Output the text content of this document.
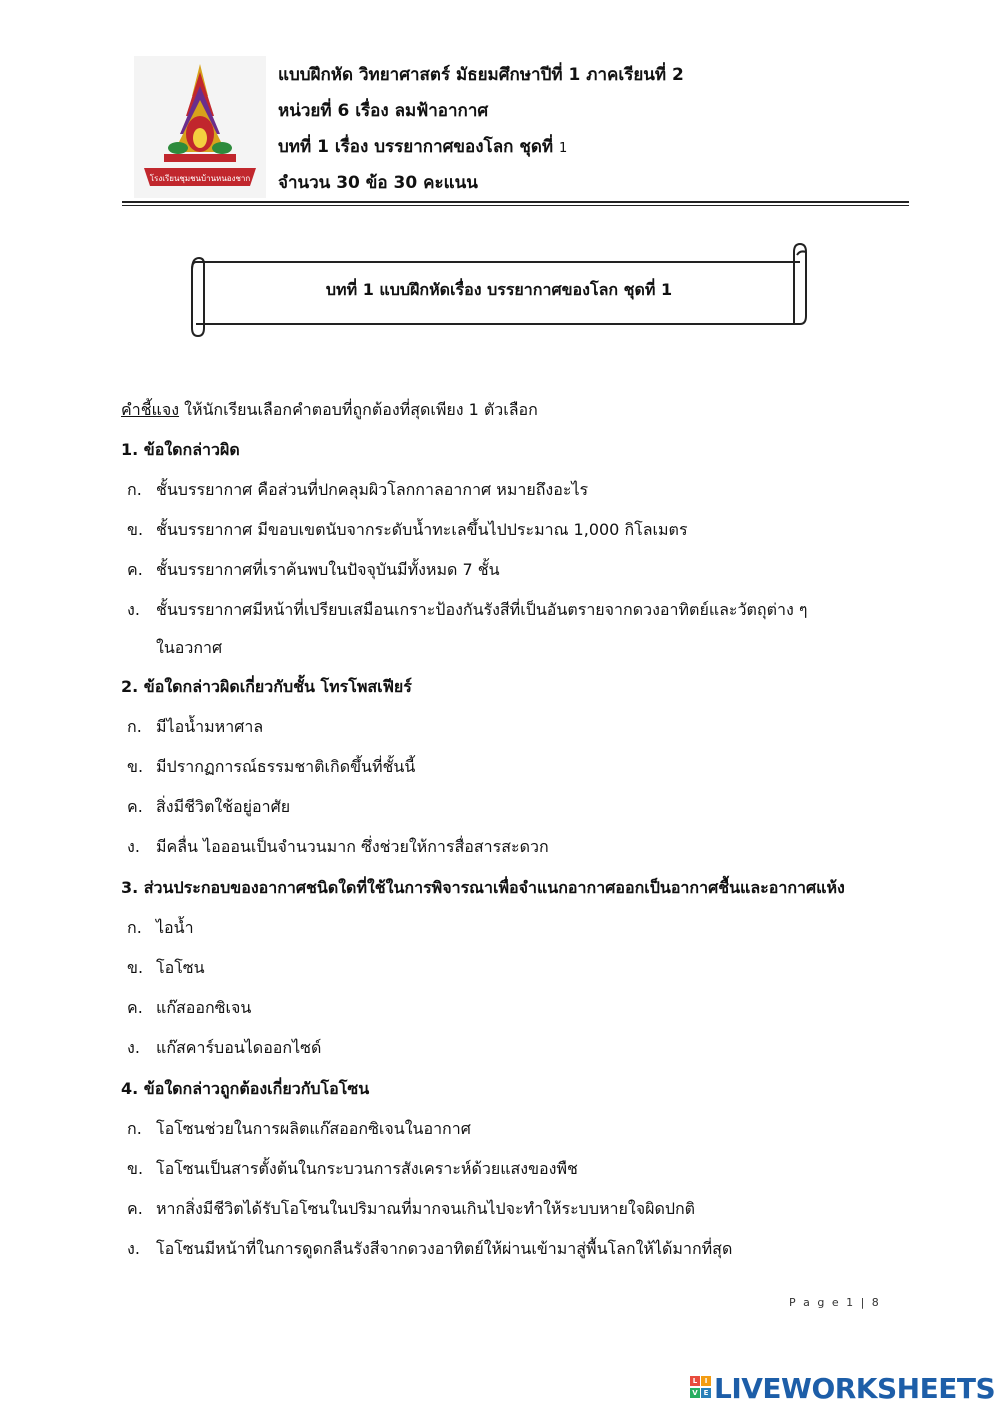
โรงเรียนชุมชนบ้านหนองชาก
แบบฝึกหัด วิทยาศาสตร์ มัธยมศึกษาปีที่ 1 ภาคเรียนที่ 2
หน่วยที่ 6 เรื่อง ลมฟ้าอากาศ
บทที่ 1 เรื่อง บรรยากาศของโลก ชุดที่ 1
จำนวน 30 ข้อ 30 คะแนน
บทที่ 1 แบบฝึกหัดเรื่อง บรรยากาศของโลก ชุดที่ 1
คำชี้แจง ให้นักเรียนเลือกคำตอบที่ถูกต้องที่สุดเพียง 1 ตัวเลือก
1. ข้อใดกล่าวผิด
ก. ชั้นบรรยากาศ คือส่วนที่ปกคลุมผิวโลกกาลอากาศ หมายถึงอะไร
ข. ชั้นบรรยากาศ มีขอบเขตนับจากระดับน้ำทะเลขึ้นไปประมาณ 1,000 กิโลเมตร
ค. ชั้นบรรยากาศที่เราค้นพบในปัจจุบันมีทั้งหมด 7 ชั้น
ง. ชั้นบรรยากาศมีหน้าที่เปรียบเสมือนเกราะป้องกันรังสีที่เป็นอันตรายจากดวงอาทิตย์และวัตถุต่าง ๆ
ในอวกาศ
2. ข้อใดกล่าวผิดเกี่ยวกับชั้น โทรโพสเฟียร์
ก. มีไอน้ำมหาศาล
ข. มีปรากฏการณ์ธรรมชาติเกิดขึ้นที่ชั้นนี้
ค. สิ่งมีชีวิตใช้อยู่อาศัย
ง. มีคลื่น ไอออนเป็นจำนวนมาก ซึ่งช่วยให้การสื่อสารสะดวก
3. ส่วนประกอบของอากาศชนิดใดที่ใช้ในการพิจารณาเพื่อจำแนกอากาศออกเป็นอากาศชื้นและอากาศแห้ง
ก. ไอน้ำ
ข. โอโซน
ค. แก๊สออกซิเจน
ง. แก๊สคาร์บอนไดออกไซด์
4. ข้อใดกล่าวถูกต้องเกี่ยวกับโอโซน
ก. โอโซนช่วยในการผลิตแก๊สออกซิเจนในอากาศ
ข. โอโซนเป็นสารตั้งต้นในกระบวนการสังเคราะห์ด้วยแสงของพืช
ค. หากสิ่งมีชีวิตได้รับโอโซนในปริมาณที่มากจนเกินไปจะทำให้ระบบหายใจผิดปกติ
ง. โอโซนมีหน้าที่ในการดูดกลืนรังสีจากดวงอาทิตย์ให้ผ่านเข้ามาสู่พื้นโลกให้ได้มากที่สุด
P a g e 1 | 8
L	I
V E LIVEWORKSHEETS
